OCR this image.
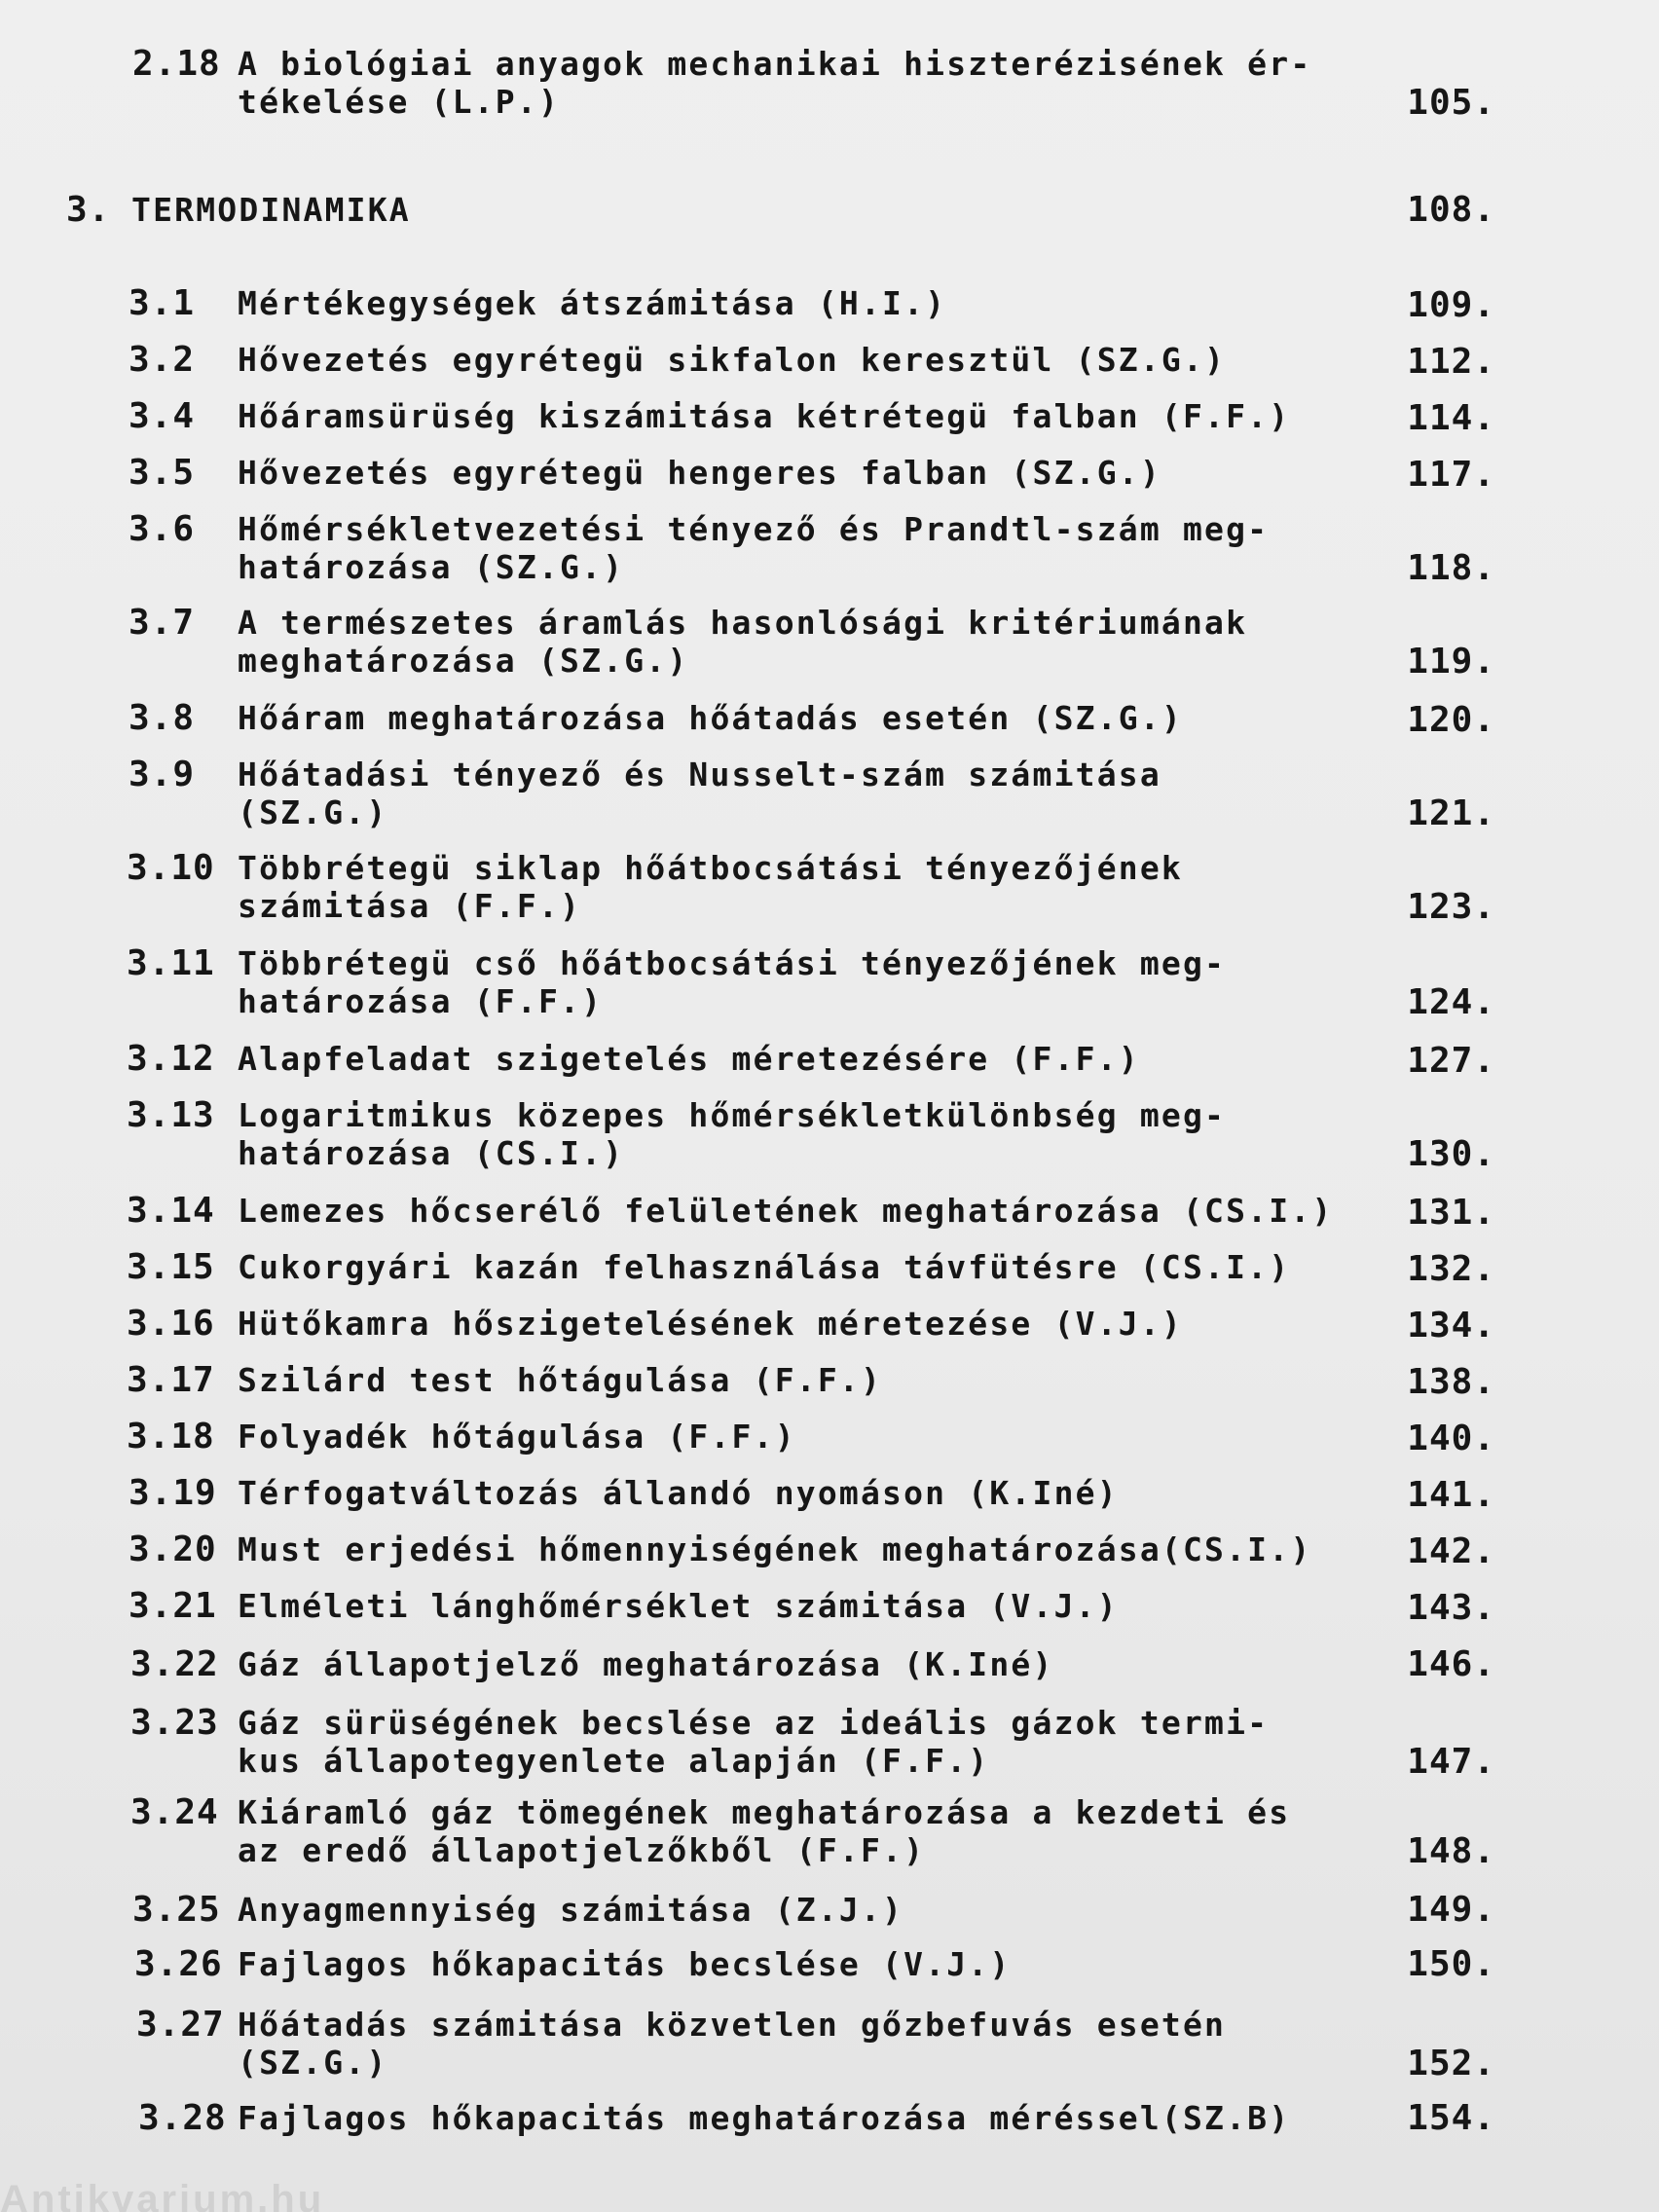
2.18 A biológiai anyagok mechanikai hiszterézisének ér-
tékelése (L.P.)	105.
3. TERMODINAMIKA	108.
3.1 Mértékegységek átszámitása (H.I.)	109.
3.2 Hővezetés egyrétegü sikfalon keresztül (SZ.G.)	112.
3.4 Hőáramsürüség kiszámitása kétrétegü falban (F.F.)	114.
3.5 Hővezetés egyrétegü hengeres falban (SZ.G.)	117.
3.6 Hőmérsékletvezetési tényező és Prandtl-szám meg-
határozása (SZ.G.)	118.
3.7 A természetes áramlás hasonlósági kritériumának
meghatározása (SZ.G.)	119.
3.8 Hőáram meghatározása hőátadás esetén (SZ.G.)	120.
3.9 Hőátadási tényező és Nusselt-szám számitása
(SZ.G.)	121.
3.10 Többrétegü siklap hőátbocsátási tényezőjének
számitása (F.F.)	123.
3.11 Többrétegü cső hőátbocsátási tényezőjének meg-
határozása (F.F.)	124.
3.12 Alapfeladat szigetelés méretezésére (F.F.)	127.
3.13 Logaritmikus közepes hőmérsékletkülönbség meg-
határozása (CS.I.)	130.
3.14 Lemezes hőcserélő felületének meghatározása (CS.I.)	131.
3.15 Cukorgyári kazán felhasználása távfütésre (CS.I.)	132.
3.16 Hütőkamra hőszigetelésének méretezése (V.J.)	134.
3.17 Szilárd test hőtágulása (F.F.)	138.
3.18 Folyadék hőtágulása (F.F.)	140.
3.19 Térfogatváltozás állandó nyomáson (K.Iné)	141.
3.20 Must erjedési hőmennyiségének meghatározása(CS.I.)	142.
3.21 Elméleti lánghőmérséklet számitása (V.J.)	143.
3.22 Gáz állapotjelző meghatározása (K.Iné)	146.
3.23 Gáz sürüségének becslése az ideális gázok termi-
kus állapotegyenlete alapján (F.F.)	147.
3.24 Kiáramló gáz tömegének meghatározása a kezdeti és
az eredő állapotjelzőkből (F.F.)	148.
3.25 Anyagmennyiség számitása (Z.J.)	149.
3.26 Fajlagos hőkapacitás becslése (V.J.)	150.
3.27 Hőátadás számitása közvetlen gőzbefuvás esetén
(SZ.G.)	152.
3.28 Fajlagos hőkapacitás meghatározása méréssel(SZ.B)	154.
Antikvarium.hu
